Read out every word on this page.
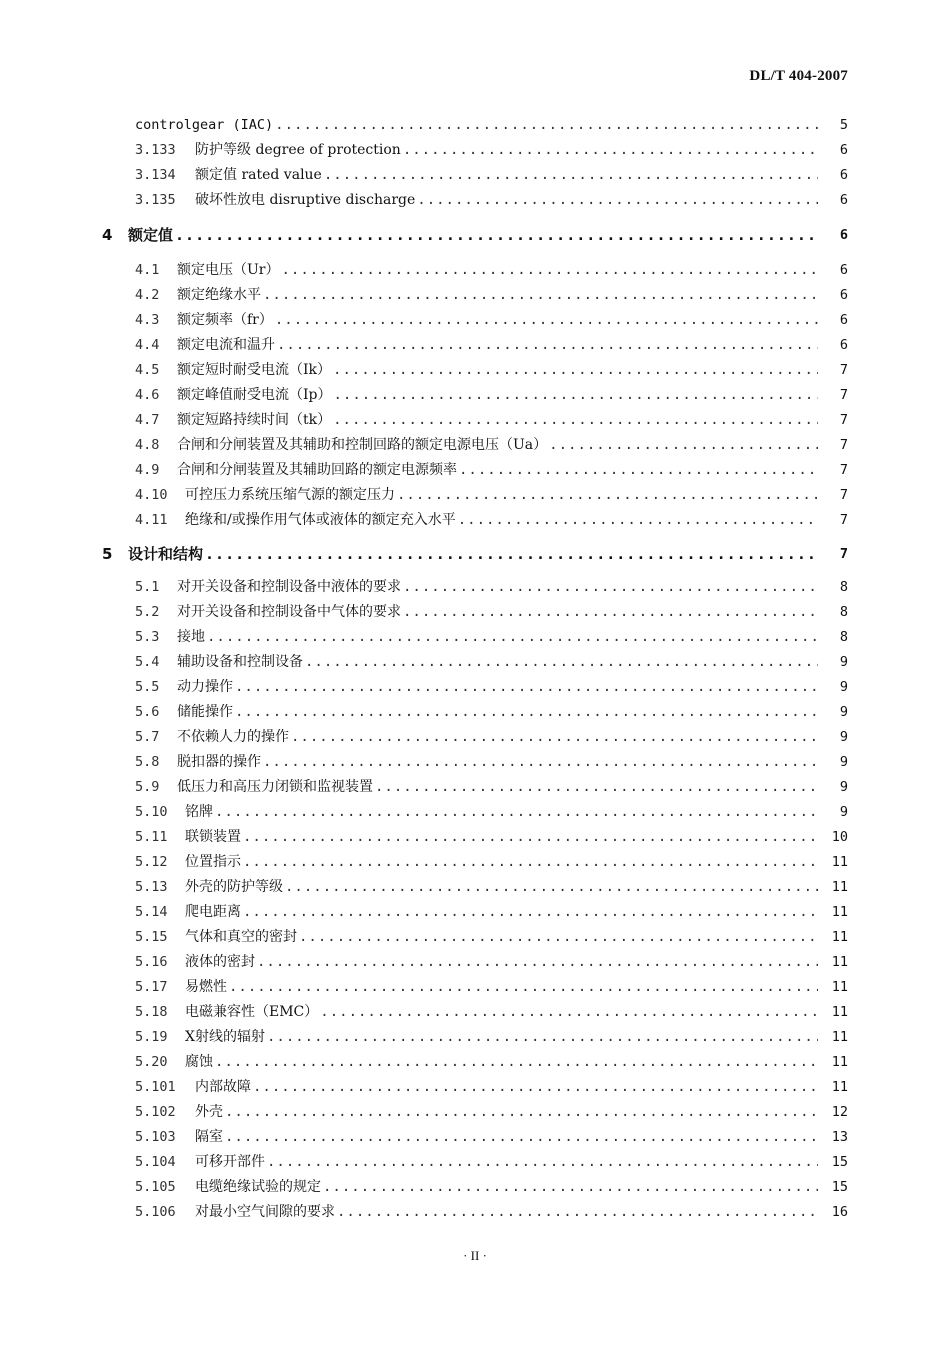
DL/T 404-2007
controlgear (IAC) .....	5
3.133	防护等级 degree of protection .....	6
3.134	额定值 rated value .....	6
3.135	破坏性放电 disruptive discharge .....	6
4	额定值 .....	6
4.1	额定电压（Ur） .....	6
4.2	额定绝缘水平 .....	6
4.3	额定频率（fr） .....	6
4.4	额定电流和温升 .....	6
4.5	额定短时耐受电流（Ik） .....	7
4.6	额定峰值耐受电流（Ip） .....	7
4.7	额定短路持续时间（tk） .....	7
4.8	合闸和分闸装置及其辅助和控制回路的额定电源电压（Ua） .....	7
4.9	合闸和分闸装置及其辅助回路的额定电源频率 .....	7
4.10	可控压力系统压缩气源的额定压力 .....	7
4.11	绝缘和/或操作用气体或液体的额定充入水平 .....	7
5	设计和结构 .....	7
5.1	对开关设备和控制设备中液体的要求 .....	8
5.2	对开关设备和控制设备中气体的要求 .....	8
5.3	接地 .....	8
5.4	辅助设备和控制设备 .....	9
5.5	动力操作 .....	9
5.6	储能操作 .....	9
5.7	不依赖人力的操作 .....	9
5.8	脱扣器的操作 .....	9
5.9	低压力和高压力闭锁和监视装置 .....	9
5.10	铭牌 .....	9
5.11	联锁装置 .....	10
5.12	位置指示 .....	11
5.13	外壳的防护等级 .....	11
5.14	爬电距离 .....	11
5.15	气体和真空的密封 .....	11
5.16	液体的密封 .....	11
5.17	易燃性 .....	11
5.18	电磁兼容性（EMC） .....	11
5.19	X射线的辐射 .....	11
5.20	腐蚀 .....	11
5.101	内部故障 .....	11
5.102	外壳 .....	12
5.103	隔室 .....	13
5.104	可移开部件 .....	15
5.105	电缆绝缘试验的规定 .....	15
5.106	对最小空气间隙的要求 .....	16
· II ·
